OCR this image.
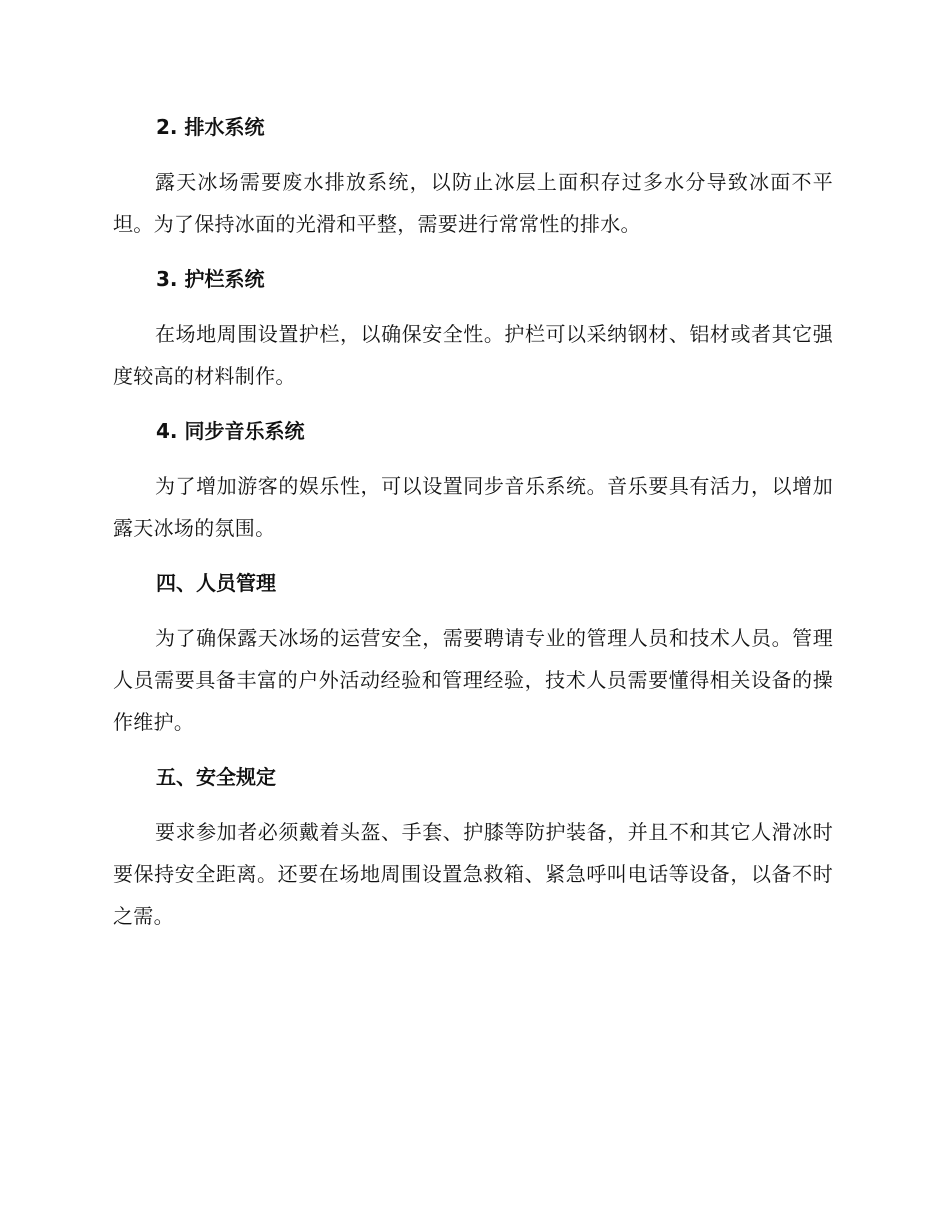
2. 排水系统
露天冰场需要废水排放系统，以防止冰层上面积存过多水分导致冰面不平坦。为了保持冰面的光滑和平整，需要进行常常性的排水。
3. 护栏系统
在场地周围设置护栏，以确保安全性。护栏可以采纳钢材、铝材或者其它强度较高的材料制作。
4. 同步音乐系统
为了增加游客的娱乐性，可以设置同步音乐系统。音乐要具有活力，以增加露天冰场的氛围。
四、人员管理
为了确保露天冰场的运营安全，需要聘请专业的管理人员和技术人员。管理人员需要具备丰富的户外活动经验和管理经验，技术人员需要懂得相关设备的操作维护。
五、安全规定
要求参加者必须戴着头盔、手套、护膝等防护装备，并且不和其它人滑冰时要保持安全距离。还要在场地周围设置急救箱、紧急呼叫电话等设备，以备不时之需。
